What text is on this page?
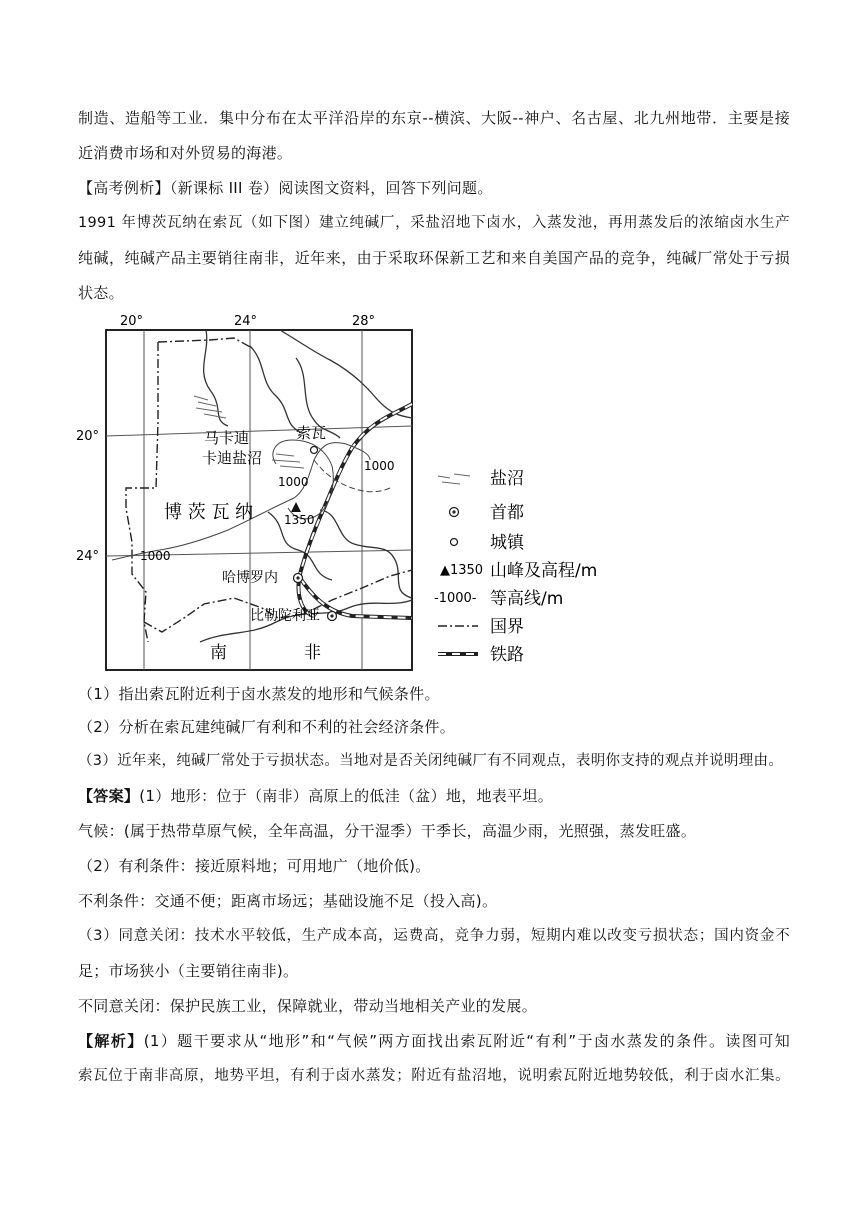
制造、造船等工业．集中分布在太平洋沿岸的东京--横滨、大阪--神户、名古屋、北九州地带．主要是接
近消费市场和对外贸易的海港。
【高考例析】（新课标 III 卷）阅读图文资料，回答下列问题。
1991 年博茨瓦纳在索瓦（如下图）建立纯碱厂，采盐沼地下卤水，入蒸发池，再用蒸发后的浓缩卤水生产
纯碱，纯碱产品主要销往南非，近年来，由于采取环保新工艺和来自美国产品的竞争，纯碱厂常处于亏损
状态。
20°	24°	28°
20°
24°
马卡迪
卡迪盐沼
索瓦
博 茨 瓦 纳
哈博罗内
比勒陀利亚
南	非
1000
1000
1000
1350
盐沼
首都
城镇
▲1350 山峰及高程/m
-1000- 等高线/m
国界
铁路
（1）指出索瓦附近利于卤水蒸发的地形和气候条件。
（2）分析在索瓦建纯碱厂有利和不利的社会经济条件。
（3）近年来，纯碱厂常处于亏损状态。当地对是否关闭纯碱厂有不同观点，表明你支持的观点并说明理由。
【答案】(1）地形：位于（南非）高原上的低洼（盆）地，地表平坦。
气候：(属于热带草原气候，全年高温，分干湿季）干季长，高温少雨，光照强，蒸发旺盛。
（2）有利条件：接近原料地；可用地广（地价低)。
不利条件：交通不便；距离市场远；基础设施不足（投入高)。
（3）同意关闭：技术水平较低，生产成本高，运费高，竞争力弱，短期内难以改变亏损状态；国内资金不
足；市场狭小（主要销往南非)。
不同意关闭：保护民族工业，保障就业，带动当地相关产业的发展。
【解析】(1）题干要求从“地形”和“气候”两方面找出索瓦附近“有利”于卤水蒸发的条件。读图可知
索瓦位于南非高原，地势平坦，有利于卤水蒸发；附近有盐沼地，说明索瓦附近地势较低，利于卤水汇集。
